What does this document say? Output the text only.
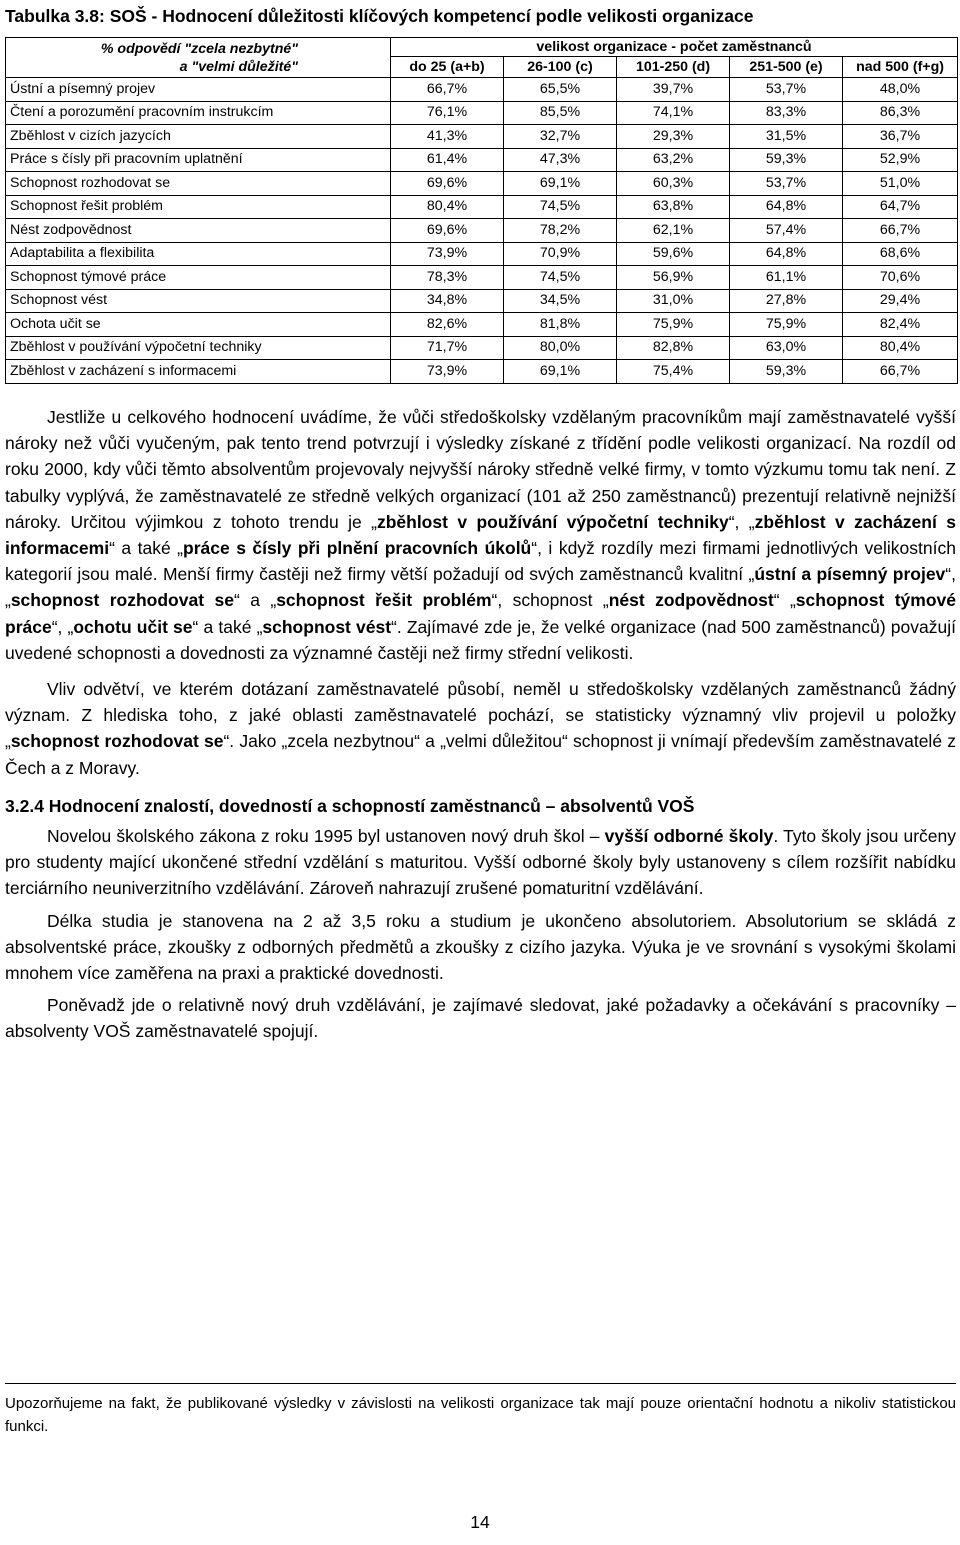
Tabulka 3.8: SOŠ - Hodnocení důležitosti klíčových kompetencí podle velikosti organizace
% odpovědí "zcela nezbytné"
a "velmi důležité"	velikost organizace - počet zaměstnanců				
	do 25 (a+b)	26-100 (c)	101-250 (d)	251-500 (e)	nad 500 (f+g)
Ústní a písemný projev	66,7%	65,5%	39,7%	53,7%	48,0%
Čtení a porozumění pracovním instrukcím	76,1%	85,5%	74,1%	83,3%	86,3%
Zběhlost v cizích jazycích	41,3%	32,7%	29,3%	31,5%	36,7%
Práce s čísly při pracovním uplatnění	61,4%	47,3%	63,2%	59,3%	52,9%
Schopnost rozhodovat se	69,6%	69,1%	60,3%	53,7%	51,0%
Schopnost řešit problém	80,4%	74,5%	63,8%	64,8%	64,7%
Nést zodpovědnost	69,6%	78,2%	62,1%	57,4%	66,7%
Adaptabilita a flexibilita	73,9%	70,9%	59,6%	64,8%	68,6%
Schopnost týmové práce	78,3%	74,5%	56,9%	61,1%	70,6%
Schopnost vést	34,8%	34,5%	31,0%	27,8%	29,4%
Ochota učit se	82,6%	81,8%	75,9%	75,9%	82,4%
Zběhlost v používání výpočetní techniky	71,7%	80,0%	82,8%	63,0%	80,4%
Zběhlost v zacházení s informacemi	73,9%	69,1%	75,4%	59,3%	66,7%

Jestliže u celkového hodnocení uvádíme, že vůči středoškolsky vzdělaným pracovníkům mají zaměstnavatelé vyšší nároky než vůči vyučeným, pak tento trend potvrzují i výsledky získané z třídění podle velikosti organizací. Na rozdíl od roku 2000, kdy vůči těmto absolventům projevovaly nejvyšší nároky středně velké firmy, v tomto výzkumu tomu tak není. Z tabulky vyplývá, že zaměstnavatelé ze středně velkých organizací (101 až 250 zaměstnanců) prezentují relativně nejnižší nároky. Určitou výjimkou z tohoto trendu je „zběhlost v používání výpočetní techniky“, „zběhlost v zacházení s informacemi“ a také „práce s čísly při plnění pracovních úkolů“, i když rozdíly mezi firmami jednotlivých velikostních kategorií jsou malé. Menší firmy častěji než firmy větší požadují od svých zaměstnanců kvalitní „ústní a písemný projev“, „schopnost rozhodovat se“ a „schopnost řešit problém“, schopnost „nést zodpovědnost“ „schopnost týmové práce“, „ochotu učit se“ a také „schopnost vést“. Zajímavé zde je, že velké organizace (nad 500 zaměstnanců) považují uvedené schopnosti a dovednosti za významné častěji než firmy střední velikosti.

Vliv odvětví, ve kterém dotázaní zaměstnavatelé působí, neměl u středoškolsky vzdělaných zaměstnanců žádný význam. Z hlediska toho, z jaké oblasti zaměstnavatelé pochází, se statisticky významný vliv projevil u položky „schopnost rozhodovat se“. Jako „zcela nezbytnou“ a „velmi důležitou“ schopnost ji vnímají především zaměstnavatelé z Čech a z Moravy.

3.2.4 Hodnocení znalostí, dovedností a schopností zaměstnanců – absolventů VOŠ

Novelou školského zákona z roku 1995 byl ustanoven nový druh škol – vyšší odborné školy. Tyto školy jsou určeny pro studenty mající ukončené střední vzdělání s maturitou. Vyšší odborné školy byly ustanoveny s cílem rozšířit nabídku terciárního neuniverzitního vzdělávání. Zároveň nahrazují zrušené pomaturitní vzdělávání.

Délka studia je stanovena na 2 až 3,5 roku a studium je ukončeno absolutoriem. Absolutorium se skládá z absolventské práce, zkoušky z odborných předmětů a zkoušky z cizího jazyka. Výuka je ve srovnání s vysokými školami mnohem více zaměřena na praxi a praktické dovednosti.

Poněvadž jde o relativně nový druh vzdělávání, je zajímavé sledovat, jaké požadavky a očekávání s pracovníky – absolventy VOŠ zaměstnavatelé spojují.

Upozorňujeme na fakt, že publikované výsledky v závislosti na velikosti organizace tak mají pouze orientační hodnotu a nikoliv statistickou funkci.
14
